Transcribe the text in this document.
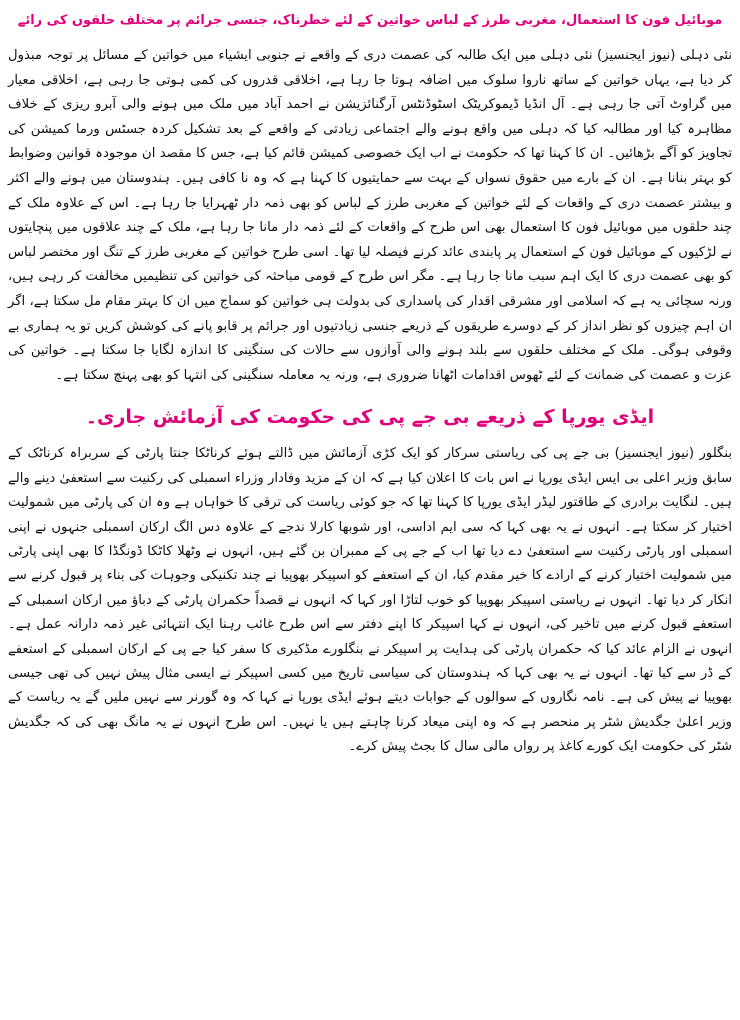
موبائیل فون کا استعمال، مغربی طرز کے لباس خواتین کے لئے خطرناک، جنسی جرائم پر مختلف حلقوں کی رائے

نئی دہلی (نیوز ایجنسیز) نئی دہلی میں ایک طالبہ کی عصمت دری کے واقعے نے جنوبی ایشیاء میں خواتین کے مسائل پر توجہ مبذول کر دیا ہے، یہاں خواتین کے ساتھ ناروا سلوک میں اضافہ ہوتا جا رہا ہے، اخلاقی قدروں کی کمی ہوتی جا رہی ہے، اخلاقی معیار میں گراوٹ آتی جا رہی ہے۔ آل انڈیا ڈیموکریٹک اسٹوڈنٹس آرگنائزیشن نے احمد آباد میں ملک میں ہونے والی آبرو ریزی کے خلاف مظاہرہ کیا اور مطالبہ کیا کہ دہلی میں واقع ہونے والے اجتماعی زیادتی کے واقعے کے بعد تشکیل کردہ جسٹس ورما کمیشن کی تجاویز کو آگے بڑھائیں۔ ان کا کہنا تھا کہ حکومت نے اب ایک خصوصی کمیشن قائم کیا ہے، جس کا مقصد ان موجودہ قوانین وضوابط کو بہتر بنانا ہے۔ ان کے بارے میں حقوق نسواں کے بہت سے حمایتیوں کا کہنا ہے کہ وہ نا کافی ہیں۔ ہندوستان میں ہونے والے اکثر و بیشتر عصمت دری کے واقعات کے لئے خواتین کے مغربی طرز کے لباس کو بھی ذمہ دار ٹھہرایا جا رہا ہے۔ اس کے علاوہ ملک کے چند حلقوں میں موبائیل فون کا استعمال بھی اس طرح کے واقعات کے لئے ذمہ دار مانا جا رہا ہے، ملک کے چند علاقوں میں پنچایتوں نے لڑکیوں کے موبائیل فون کے استعمال پر پابندی عائد کرنے فیصلہ لیا تھا۔ اسی طرح خواتین کے مغربی طرز کے تنگ اور مختصر لباس کو بھی عصمت دری کا ایک اہم سبب مانا جا رہا ہے۔ مگر اس طرح کے قومی مباحثہ کی خواتین کی تنظیمیں مخالفت کر رہی ہیں، ورنہ سچائی یہ ہے کہ اسلامی اور مشرقی اقدار کی پاسداری کی بدولت ہی خواتین کو سماج میں ان کا بہتر مقام مل سکتا ہے، اگر ان اہم چیزوں کو نظر انداز کر کے دوسرے طریقوں کے ذریعے جنسی زیادتیوں اور جرائم پر قابو پانے کی کوشش کریں تو یہ ہماری بے وقوفی ہوگی۔ ملک کے مختلف حلقوں سے بلند ہونے والی آوازوں سے حالات کی سنگینی کا اندازہ لگایا جا سکتا ہے۔ خواتین کی عزت و عصمت کی ضمانت کے لئے ٹھوس اقدامات اٹھانا ضروری ہے، ورنہ یہ معاملہ سنگینی کی انتہا کو بھی پہنچ سکتا ہے۔

ایڈی یورپا کے ذریعے بی جے پی کی حکومت کی آزمائش جاری۔

بنگلور (نیوز ایجنسیز) بی جے پی کی ریاستی سرکار کو ایک کڑی آزمائش میں ڈالتے ہوئے کرناٹکا جنتا پارٹی کے سربراہ کرناٹک کے سابق وزیر اعلی بی ایس ایڈی یورپا نے اس بات کا اعلان کیا ہے کہ ان کے مزید وفادار وزراء اسمبلی کی رکنیت سے استعفیٰ دینے والے ہیں۔ لنگایت برادری کے طاقتور لیڈر ایڈی یورپا کا کہنا تھا کہ جو کوئی ریاست کی ترقی کا خواہاں ہے وہ ان کی پارٹی میں شمولیت اختیار کر سکتا ہے۔ انہوں نے یہ بھی کہا کہ سی ایم اداسی، اور شوبھا کارلا ندجے کے علاوہ دس الگ ارکان اسمبلی جنہوں نے اپنی اسمبلی اور پارٹی رکنیت سے استعفیٰ دے دیا تھا اب کے جے پی کے ممبران بن گئے ہیں، انہوں نے وٹھلا کاٹکا ڈونگڈا کا بھی اپنی پارٹی میں شمولیت اختیار کرنے کے ارادے کا خیر مقدم کیا، ان کے استعفے کو اسپیکر بھوپیا نے چند تکنیکی وجوہات کی بناء پر قبول کرنے سے انکار کر دیا تھا۔ انہوں نے ریاستی اسپیکر بھوپیا کو خوب لتاڑا اور کہا کہ انہوں نے قصداً حکمران پارٹی کے دباؤ میں ارکان اسمبلی کے استعفے قبول کرنے میں تاخیر کی، انہوں نے کہا اسپیکر کا اپنے دفتر سے اس طرح غائب رہنا ایک انتہائی غیر ذمہ دارانہ عمل ہے۔ انہوں نے الزام عائد کیا کہ حکمران پارٹی کی ہدایت پر اسپیکر نے بنگلورے مڈکیری کا سفر کیا جے پی کے ارکان اسمبلی کے استعفے کے ڈر سے کیا تھا۔ انہوں نے یہ بھی کہا کہ ہندوستان کی سیاسی تاریخ میں کسی اسپیکر نے ایسی مثال پیش نہیں کی تھی جیسی بھوپیا نے پیش کی ہے۔ نامہ نگاروں کے سوالوں کے جوابات دیتے ہوئے ایڈی یورپا نے کہا کہ وہ گورنر سے نہیں ملیں گے یہ ریاست کے وزیر اعلیٰ جگدیش شٹر پر منحصر ہے کہ وہ اپنی میعاد کرنا چاہتے ہیں یا نہیں۔ اس طرح انہوں نے یہ مانگ بھی کی کہ جگدیش شٹر کی حکومت ایک کورے کاغذ پر رواں مالی سال کا بجٹ پیش کرے۔
